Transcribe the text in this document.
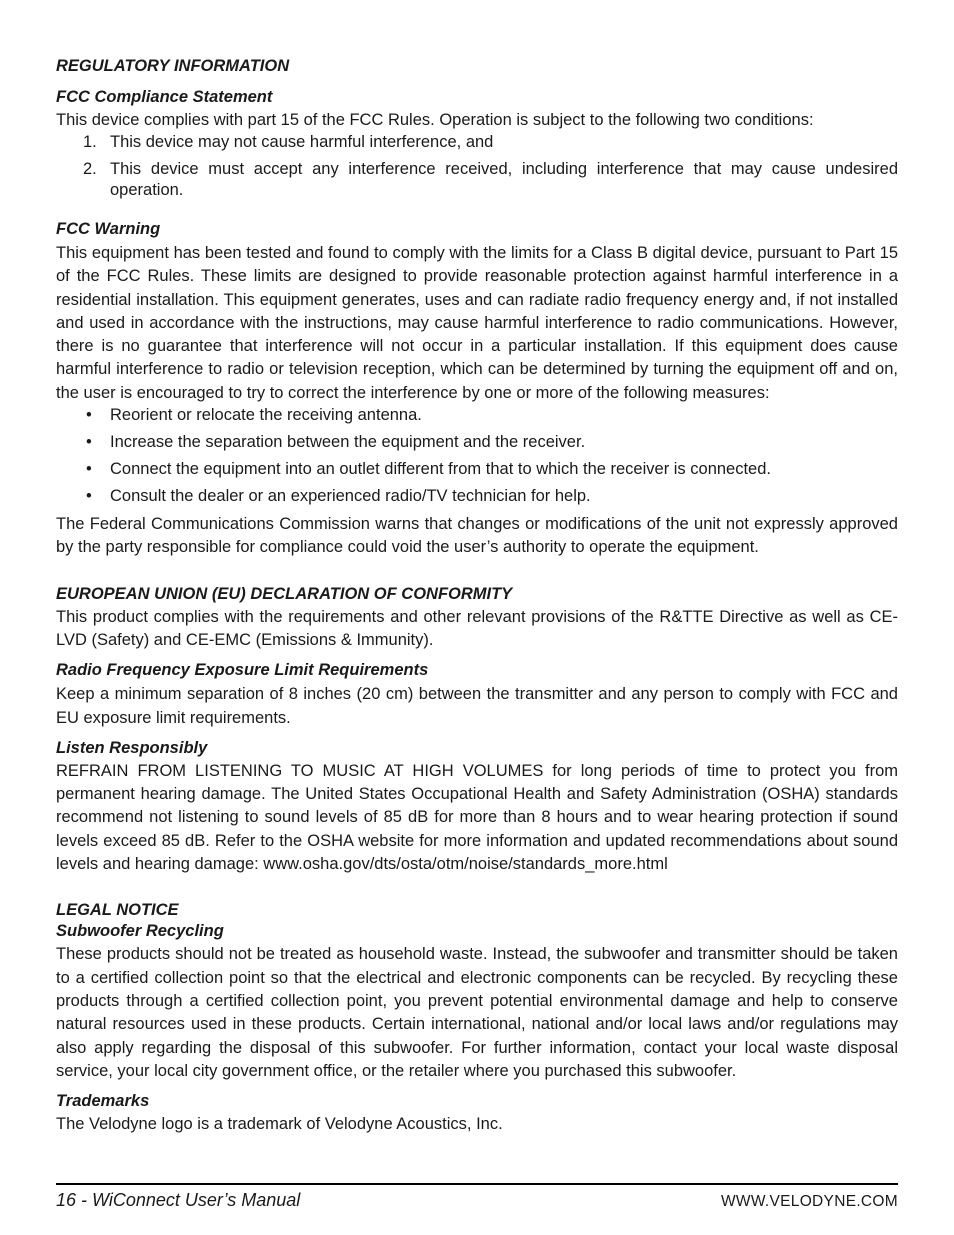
REGULATORY INFORMATION
FCC Compliance Statement

This device complies with part 15 of the FCC Rules. Operation is subject to the following two conditions:

1. This device may not cause harmful interference, and
2. This device must accept any interference received, including interference that may cause undesired operation.
FCC Warning

This equipment has been tested and found to comply with the limits for a Class B digital device, pursuant to Part 15 of the FCC Rules. These limits are designed to provide reasonable protection against harmful interference in a residential installation. This equipment generates, uses and can radiate radio frequency energy and, if not installed and used in accordance with the instructions, may cause harmful interference to radio communications. However, there is no guarantee that interference will not occur in a particular installation. If this equipment does cause harmful interference to radio or television reception, which can be determined by turning the equipment off and on, the user is encouraged to try to correct the interference by one or more of the following measures:

• Reorient or relocate the receiving antenna.
• Increase the separation between the equipment and the receiver.
• Connect the equipment into an outlet different from that to which the receiver is connected.
• Consult the dealer or an experienced radio/TV technician for help.

The Federal Communications Commission warns that changes or modifications of the unit not expressly approved by the party responsible for compliance could void the user’s authority to operate the equipment.

EUROPEAN UNION (EU) DECLARATION OF CONFORMITY

This product complies with the requirements and other relevant provisions of the R&TTE Directive as well as CE-LVD (Safety) and CE-EMC (Emissions & Immunity).

Radio Frequency Exposure Limit Requirements

Keep a minimum separation of 8 inches (20 cm) between the transmitter and any person to comply with FCC and EU exposure limit requirements.

Listen Responsibly

REFRAIN FROM LISTENING TO MUSIC AT HIGH VOLUMES for long periods of time to protect you from permanent hearing damage. The United States Occupational Health and Safety Administration (OSHA) standards recommend not listening to sound levels of 85 dB for more than 8 hours and to wear hearing protection if sound levels exceed 85 dB. Refer to the OSHA website for more information and updated recommendations about sound levels and hearing damage: www.osha.gov/dts/osta/otm/noise/standards_more.html

LEGAL NOTICE
Subwoofer Recycling

These products should not be treated as household waste. Instead, the subwoofer and transmitter should be taken to a certified collection point so that the electrical and electronic components can be recycled. By recycling these products through a certified collection point, you prevent potential environmental damage and help to conserve natural resources used in these products. Certain international, national and/or local laws and/or regulations may also apply regarding the disposal of this subwoofer. For further information, contact your local waste disposal service, your local city government office, or the retailer where you purchased this subwoofer.

Trademarks

The Velodyne logo is a trademark of Velodyne Acoustics, Inc.

16 - WiConnect User’s Manual	WWW.VELODYNE.COM
